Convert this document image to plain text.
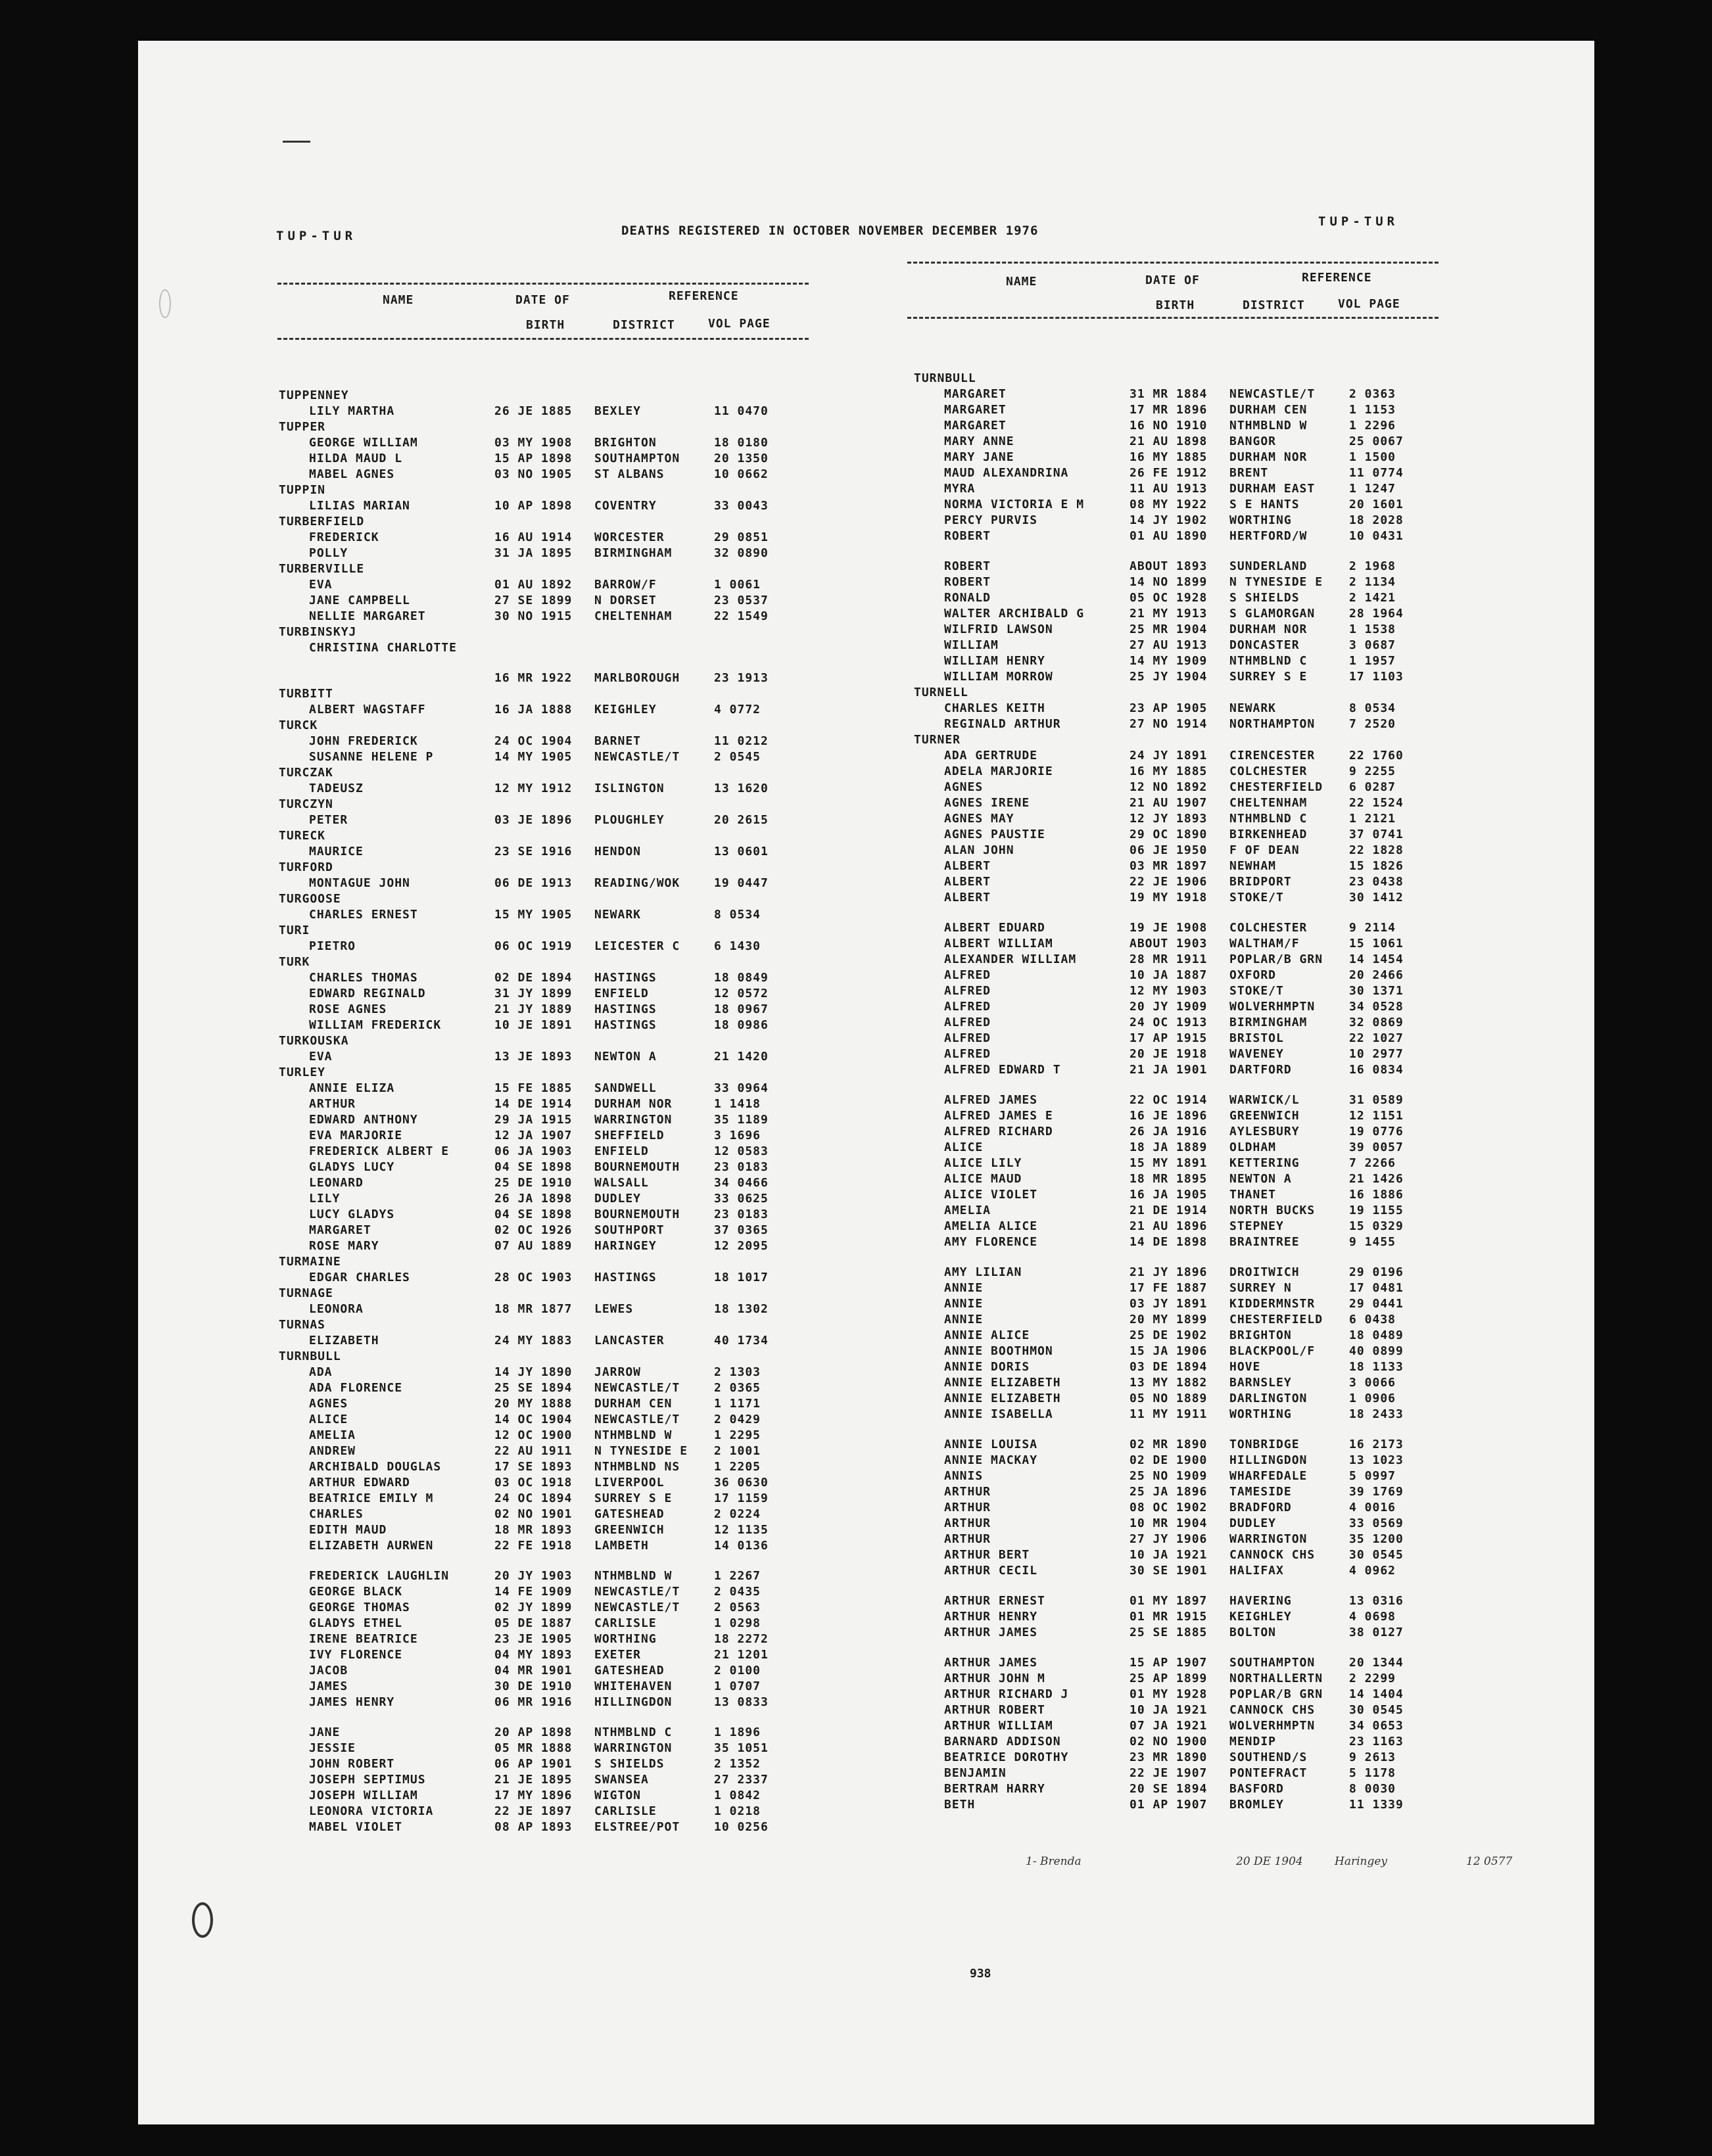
TUP-TUR	DEATHS REGISTERED IN OCTOBER NOVEMBER DECEMBER 1976
TUP-TUR
NAME	DATE OF
BIRTH
REFERENCE
DISTRICT	VOL PAGE
NAME	DATE OF
BIRTH
REFERENCE
DISTRICT	VOL PAGE
TUPPENNEY
LILY MARTHA	26 JE 1885 BEXLEY	11 0470
TUPPER
GEORGE WILLIAM	03 MY 1908 BRIGHTON	18 0180
HILDA MAUD L	15 AP 1898 SOUTHAMPTON	20 1350
MABEL AGNES	03 NO 1905 ST ALBANS	10 0662
TUPPIN
LILIAS MARIAN	10 AP 1898 COVENTRY	33 0043
TURBERFIELD
FREDERICK	16 AU 1914 WORCESTER	29 0851
POLLY	31 JA 1895 BIRMINGHAM	32 0890
TURBERVILLE
EVA	01 AU 1892 BARROW/F	1 0061
JANE CAMPBELL	27 SE 1899 N DORSET	23 0537
NELLIE MARGARET	30 NO 1915 CHELTENHAM	22 1549
TURBINSKYJ
CHRISTINA CHARLOTTE
16 MR 1922 MARLBOROUGH	23 1913
TURBITT
ALBERT WAGSTAFF	16 JA 1888 KEIGHLEY	4 0772
TURCK
JOHN FREDERICK	24 OC 1904 BARNET	11 0212
SUSANNE HELENE P	14 MY 1905 NEWCASTLE/T	2 0545
TURCZAK
TADEUSZ	12 MY 1912 ISLINGTON	13 1620
TURCZYN
PETER	03 JE 1896 PLOUGHLEY	20 2615
TURECK
MAURICE	23 SE 1916 HENDON	13 0601
TURFORD
MONTAGUE JOHN	06 DE 1913 READING/WOK	19 0447
TURGOOSE
CHARLES ERNEST	15 MY 1905 NEWARK	8 0534
TURI
PIETRO	06 OC 1919 LEICESTER C	6 1430
TURK
CHARLES THOMAS	02 DE 1894 HASTINGS	18 0849
EDWARD REGINALD	31 JY 1899 ENFIELD	12 0572
ROSE AGNES	21 JY 1889 HASTINGS	18 0967
WILLIAM FREDERICK	10 JE 1891 HASTINGS	18 0986
TURKOUSKA
EVA	13 JE 1893 NEWTON A	21 1420
TURLEY
ANNIE ELIZA	15 FE 1885 SANDWELL	33 0964
ARTHUR	14 DE 1914 DURHAM NOR	1 1418
EDWARD ANTHONY	29 JA 1915 WARRINGTON	35 1189
EVA MARJORIE	12 JA 1907 SHEFFIELD	3 1696
FREDERICK ALBERT E	06 JA 1903 ENFIELD	12 0583
GLADYS LUCY	04 SE 1898 BOURNEMOUTH	23 0183
LEONARD	25 DE 1910 WALSALL	34 0466
LILY	26 JA 1898 DUDLEY	33 0625
LUCY GLADYS	04 SE 1898 BOURNEMOUTH	23 0183
MARGARET	02 OC 1926 SOUTHPORT	37 0365
ROSE MARY	07 AU 1889 HARINGEY	12 2095
TURMAINE
EDGAR CHARLES	28 OC 1903 HASTINGS	18 1017
TURNAGE
LEONORA	18 MR 1877 LEWES	18 1302
TURNAS
ELIZABETH	24 MY 1883 LANCASTER	40 1734
TURNBULL
ADA	14 JY 1890 JARROW	2 1303
ADA FLORENCE	25 SE 1894 NEWCASTLE/T	2 0365
AGNES	20 MY 1888 DURHAM CEN	1 1171
ALICE	14 OC 1904 NEWCASTLE/T	2 0429
AMELIA	12 OC 1900 NTHMBLND W	1 2295
ANDREW	22 AU 1911 N TYNESIDE E 2 1001
ARCHIBALD DOUGLAS	17 SE 1893 NTHMBLND NS	1 2205
ARTHUR EDWARD	03 OC 1918 LIVERPOOL	36 0630
BEATRICE EMILY M	24 OC 1894 SURREY S E	17 1159
CHARLES	02 NO 1901 GATESHEAD	2 0224
EDITH MAUD	18 MR 1893 GREENWICH	12 1135
ELIZABETH AURWEN	22 FE 1918 LAMBETH	14 0136
FREDERICK LAUGHLIN	20 JY 1903 NTHMBLND W	1 2267
GEORGE BLACK	14 FE 1909 NEWCASTLE/T	2 0435
GEORGE THOMAS	02 JY 1899 NEWCASTLE/T	2 0563
GLADYS ETHEL	05 DE 1887 CARLISLE	1 0298
IRENE BEATRICE	23 JE 1905 WORTHING	18 2272
IVY FLORENCE	04 MY 1893 EXETER	21 1201
JACOB	04 MR 1901 GATESHEAD	2 0100
JAMES	30 DE 1910 WHITEHAVEN	1 0707
JAMES HENRY	06 MR 1916 HILLINGDON	13 0833
JANE	20 AP 1898 NTHMBLND C	1 1896
JESSIE	05 MR 1888 WARRINGTON	35 1051
JOHN ROBERT	06 AP 1901 S SHIELDS	2 1352
JOSEPH SEPTIMUS	21 JE 1895 SWANSEA	27 2337
JOSEPH WILLIAM	17 MY 1896 WIGTON	1 0842
LEONORA VICTORIA	22 JE 1897 CARLISLE	1 0218
MABEL VIOLET	08 AP 1893 ELSTREE/POT	10 0256
TURNBULL
MARGARET	31 MR 1884 NEWCASTLE/T	2 0363
MARGARET	17 MR 1896 DURHAM CEN	1 1153
MARGARET	16 NO 1910 NTHMBLND W	1 2296
MARY ANNE	21 AU 1898 BANGOR	25 0067
MARY JANE	16 MY 1885 DURHAM NOR	1 1500
MAUD ALEXANDRINA	26 FE 1912 BRENT	11 0774
MYRA	11 AU 1913 DURHAM EAST	1 1247
NORMA VICTORIA E M	08 MY 1922 S E HANTS	20 1601
PERCY PURVIS	14 JY 1902 WORTHING	18 2028
ROBERT	01 AU 1890 HERTFORD/W	10 0431
ROBERT	ABOUT 1893 SUNDERLAND	2 1968
ROBERT	14 NO 1899 N TYNESIDE E 2 1134
RONALD	05 OC 1928 S SHIELDS	2 1421
WALTER ARCHIBALD G	21 MY 1913 S GLAMORGAN	28 1964
WILFRID LAWSON	25 MR 1904 DURHAM NOR	1 1538
WILLIAM	27 AU 1913 DONCASTER	3 0687
WILLIAM HENRY	14 MY 1909 NTHMBLND C	1 1957
WILLIAM MORROW	25 JY 1904 SURREY S E	17 1103
TURNELL
CHARLES KEITH	23 AP 1905 NEWARK	8 0534
REGINALD ARTHUR	27 NO 1914 NORTHAMPTON	7 2520
TURNER
ADA GERTRUDE	24 JY 1891 CIRENCESTER	22 1760
ADELA MARJORIE	16 MY 1885 COLCHESTER	9 2255
AGNES	12 NO 1892 CHESTERFIELD 6 0287
AGNES IRENE	21 AU 1907 CHELTENHAM	22 1524
AGNES MAY	12 JY 1893 NTHMBLND C	1 2121
AGNES PAUSTIE	29 OC 1890 BIRKENHEAD	37 0741
ALAN JOHN	06 JE 1950 F OF DEAN	22 1828
ALBERT	03 MR 1897 NEWHAM	15 1826
ALBERT	22 JE 1906 BRIDPORT	23 0438
ALBERT	19 MY 1918 STOKE/T	30 1412
ALBERT EDUARD	19 JE 1908 COLCHESTER	9 2114
ALBERT WILLIAM	ABOUT 1903 WALTHAM/F	15 1061
ALEXANDER WILLIAM	28 MR 1911 POPLAR/B GRN 14 1454
ALFRED	10 JA 1887 OXFORD	20 2466
ALFRED	12 MY 1903 STOKE/T	30 1371
ALFRED	20 JY 1909 WOLVERHMPTN	34 0528
ALFRED	24 OC 1913 BIRMINGHAM	32 0869
ALFRED	17 AP 1915 BRISTOL	22 1027
ALFRED	20 JE 1918 WAVENEY	10 2977
ALFRED EDWARD T	21 JA 1901 DARTFORD	16 0834
ALFRED JAMES	22 OC 1914 WARWICK/L	31 0589
ALFRED JAMES E	16 JE 1896 GREENWICH	12 1151
ALFRED RICHARD	26 JA 1916 AYLESBURY	19 0776
ALICE	18 JA 1889 OLDHAM	39 0057
ALICE LILY	15 MY 1891 KETTERING	7 2266
ALICE MAUD	18 MR 1895 NEWTON A	21 1426
ALICE VIOLET	16 JA 1905 THANET	16 1886
AMELIA	21 DE 1914 NORTH BUCKS	19 1155
AMELIA ALICE	21 AU 1896 STEPNEY	15 0329
AMY FLORENCE	14 DE 1898 BRAINTREE	9 1455
AMY LILIAN	21 JY 1896 DROITWICH	29 0196
ANNIE	17 FE 1887 SURREY N	17 0481
ANNIE	03 JY 1891 KIDDERMNSTR	29 0441
ANNIE	20 MY 1899 CHESTERFIELD 6 0438
ANNIE ALICE	25 DE 1902 BRIGHTON	18 0489
ANNIE BOOTHMON	15 JA 1906 BLACKPOOL/F	40 0899
ANNIE DORIS	03 DE 1894 HOVE	18 1133
ANNIE ELIZABETH	13 MY 1882 BARNSLEY	3 0066
ANNIE ELIZABETH	05 NO 1889 DARLINGTON	1 0906
ANNIE ISABELLA	11 MY 1911 WORTHING	18 2433
ANNIE LOUISA	02 MR 1890 TONBRIDGE	16 2173
ANNIE MACKAY	02 DE 1900 HILLINGDON	13 1023
ANNIS	25 NO 1909 WHARFEDALE	5 0997
ARTHUR	25 JA 1896 TAMESIDE	39 1769
ARTHUR	08 OC 1902 BRADFORD	4 0016
ARTHUR	10 MR 1904 DUDLEY	33 0569
ARTHUR	27 JY 1906 WARRINGTON	35 1200
ARTHUR BERT	10 JA 1921 CANNOCK CHS	30 0545
ARTHUR CECIL	30 SE 1901 HALIFAX	4 0962
ARTHUR ERNEST	01 MY 1897 HAVERING	13 0316
ARTHUR HENRY	01 MR 1915 KEIGHLEY	4 0698
ARTHUR JAMES	25 SE 1885 BOLTON	38 0127
ARTHUR JAMES	15 AP 1907 SOUTHAMPTON	20 1344
ARTHUR JOHN M	25 AP 1899 NORTHALLERTN 2 2299
ARTHUR RICHARD J	01 MY 1928 POPLAR/B GRN 14 1404
ARTHUR ROBERT	10 JA 1921 CANNOCK CHS	30 0545
ARTHUR WILLIAM	07 JA 1921 WOLVERHMPTN	34 0653
BARNARD ADDISON	02 NO 1900 MENDIP	23 1163
BEATRICE DOROTHY	23 MR 1890 SOUTHEND/S	9 2613
BENJAMIN	22 JE 1907 PONTEFRACT	5 1178
BERTRAM HARRY	20 SE 1894 BASFORD	8 0030
BETH	01 AP 1907 BROMLEY	11 1339
1- Brenda	20 DE 1904	Haringey	12 0577
938
